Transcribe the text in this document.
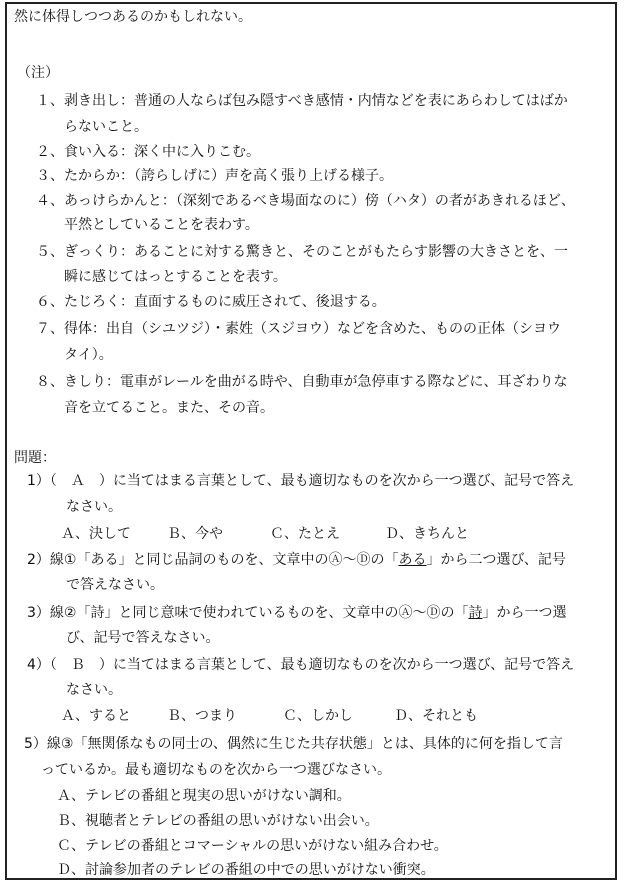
然に体得しつつあるのかもしれない。
（注）
１、剥き出し：普通の人ならば包み隠すべき感情・内情などを表にあらわしてはばか
らないこと。
２、食い入る：深く中に入りこむ。
３、たからか：（誇らしげに）声を高く張り上げる様子。
４、あっけらかんと：（深刻であるべき場面なのに）傍（ハタ）の者があきれるほど、
平然としていることを表わす。
５、ぎっくり：あることに対する驚きと、そのことがもたらす影響の大きさとを、一
瞬に感じてはっとすることを表す。
６、たじろく：直面するものに威圧されて、後退する。
７、得体：出自（シユツジ）・素姓（スジヨウ）などを含めた、ものの正体（シヨウ
タイ）。
８、きしり：電車がレールを曲がる時や、自動車が急停車する際などに、耳ざわりな
音を立てること。また、その音。
問題：
1）（　Ａ　）に当てはまる言葉として、最も適切なものを次から一つ選び、記号で答え
なさい。
Ａ、決して	Ｂ、今や	Ｃ、たとえ	Ｄ、きちんと
2）線①「ある」と同じ品詞のものを、文章中のⒶ～Ⓓの「ある」から二つ選び、記号
で答えなさい。
3）線②「詩」と同じ意味で使われているものを、文章中のⒶ～Ⓓの「詩」から一つ選
び、記号で答えなさい。
4）（　Ｂ　）に当てはまる言葉として、最も適切なものを次から一つ選び、記号で答え
なさい。
Ａ、すると	Ｂ、つまり	Ｃ、しかし	Ｄ、それとも
5）線③「無関係なもの同士の、偶然に生じた共存状態」とは、具体的に何を指して言
っているか。最も適切なものを次から一つ選びなさい。
Ａ、テレビの番組と現実の思いがけない調和。
Ｂ、視聴者とテレビの番組の思いがけない出会い。
Ｃ、テレビの番組とコマーシャルの思いがけない組み合わせ。
Ｄ、討論参加者のテレビの番組の中での思いがけない衝突。
